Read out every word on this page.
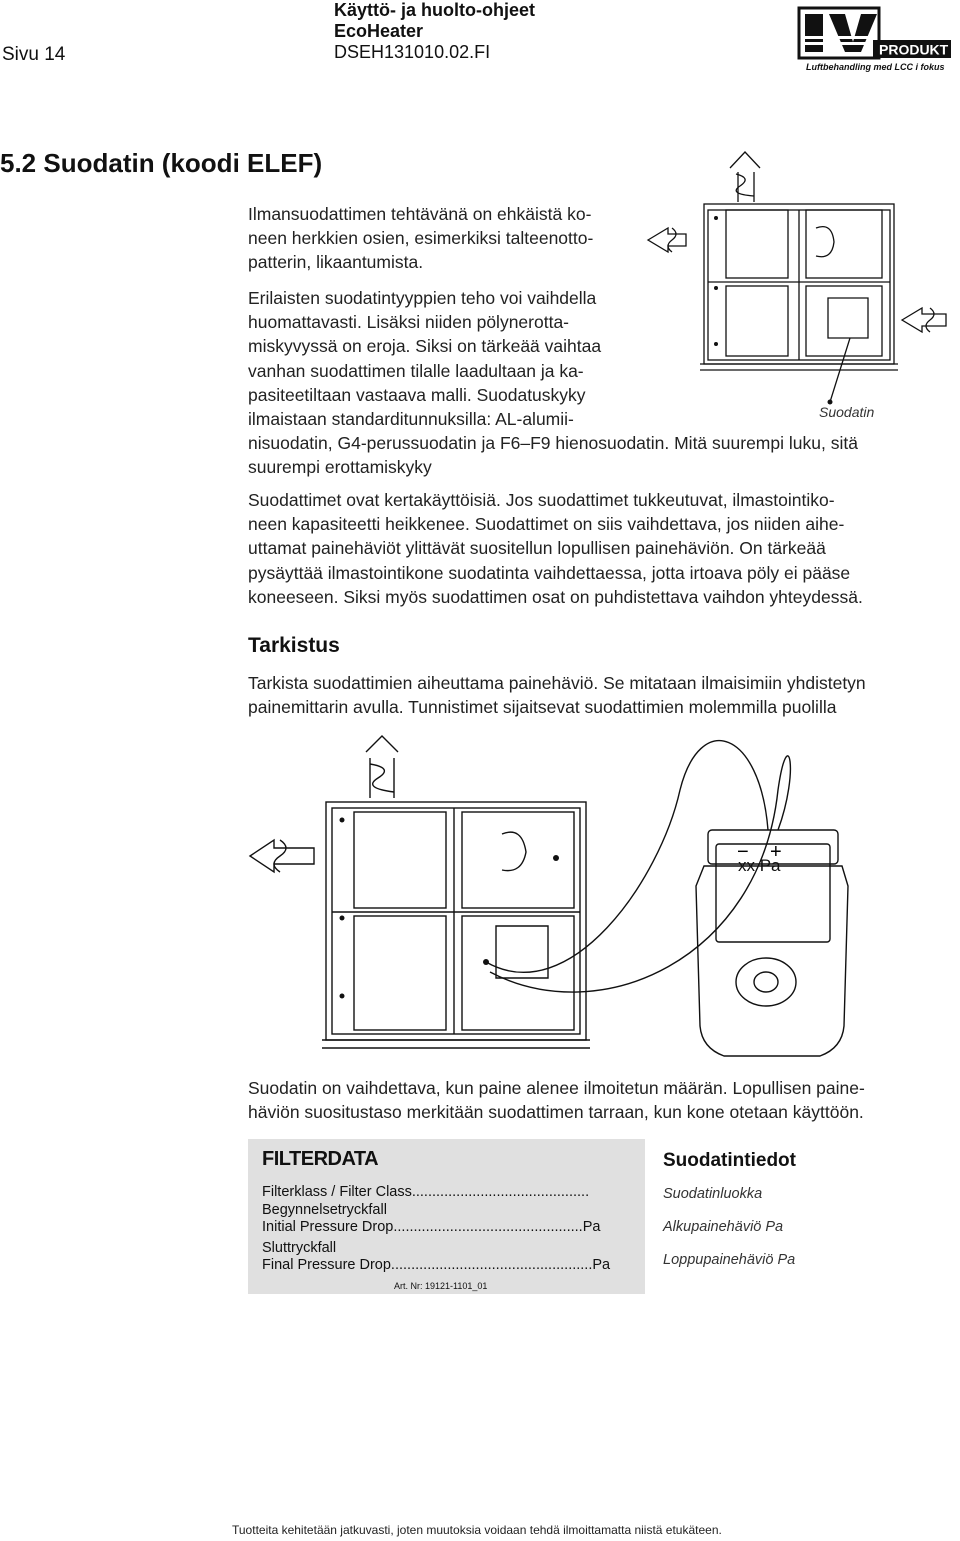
Sivu 14
Käyttö- ja huolto-ohjeet
EcoHeater
DSEH131010.02.FI	PRODUKT
Luftbehandling med LCC i fokus
5.2 Suodatin (koodi ELEF)
Ilmansuodattimen tehtävänä on ehkäistä ko-
neen herkkien osien, esimerkiksi talteenotto-
patterin, likaantumista.
Erilaisten suodatintyyppien teho voi vaihdella
huomattavasti. Lisäksi niiden pölynerotta-
miskyvyssä on eroja. Siksi on tärkeää vaihtaa
vanhan suodattimen tilalle laadultaan ja ka-
pasiteetiltaan vastaava malli. Suodatuskyky
ilmaistaan standarditunnuksilla: AL-alumii-
nisuodatin, G4-perussuodatin ja F6–F9 hienosuodatin. Mitä suurempi luku, sitä
suurempi erottamiskyky
Suodatin
Suodattimet ovat kertakäyttöisiä. Jos suodattimet tukkeutuvat, ilmastointiko-
neen kapasiteetti heikkenee. Suodattimet on siis vaihdettava, jos niiden aihe-
uttamat painehäviöt ylittävät suositellun lopullisen painehäviön. On tärkeää
pysäyttää ilmastointikone suodatinta vaihdettaessa, jotta irtoava pöly ei pääse
koneeseen. Siksi myös suodattimen osat on puhdistettava vaihdon yhteydessä.
Tarkistus
Tarkista suodattimien aiheuttama painehäviö. Se mitataan ilmaisimiin yhdistetyn
painemittarin avulla. Tunnistimet sijaitsevat suodattimien molemmilla puolilla
− +
xx Pa
Suodatin on vaihdettava, kun paine alenee ilmoitetun määrän. Lopullisen paine-
häviön suositustaso merkitään suodattimen tarraan, kun kone otetaan käyttöön.
FILTERDATA
Filterklass / Filter Class............................................
Begynnelsetryckfall
Initial Pressure Drop...............................................Pa
Sluttryckfall
Final Pressure Drop..................................................Pa
Art. Nr: 19121-1101_01
Suodatintiedot
Suodatinluokka
Alkupainehäviö Pa
Loppupainehäviö Pa
Tuotteita kehitetään jatkuvasti, joten muutoksia voidaan tehdä ilmoittamatta niistä etukäteen.
